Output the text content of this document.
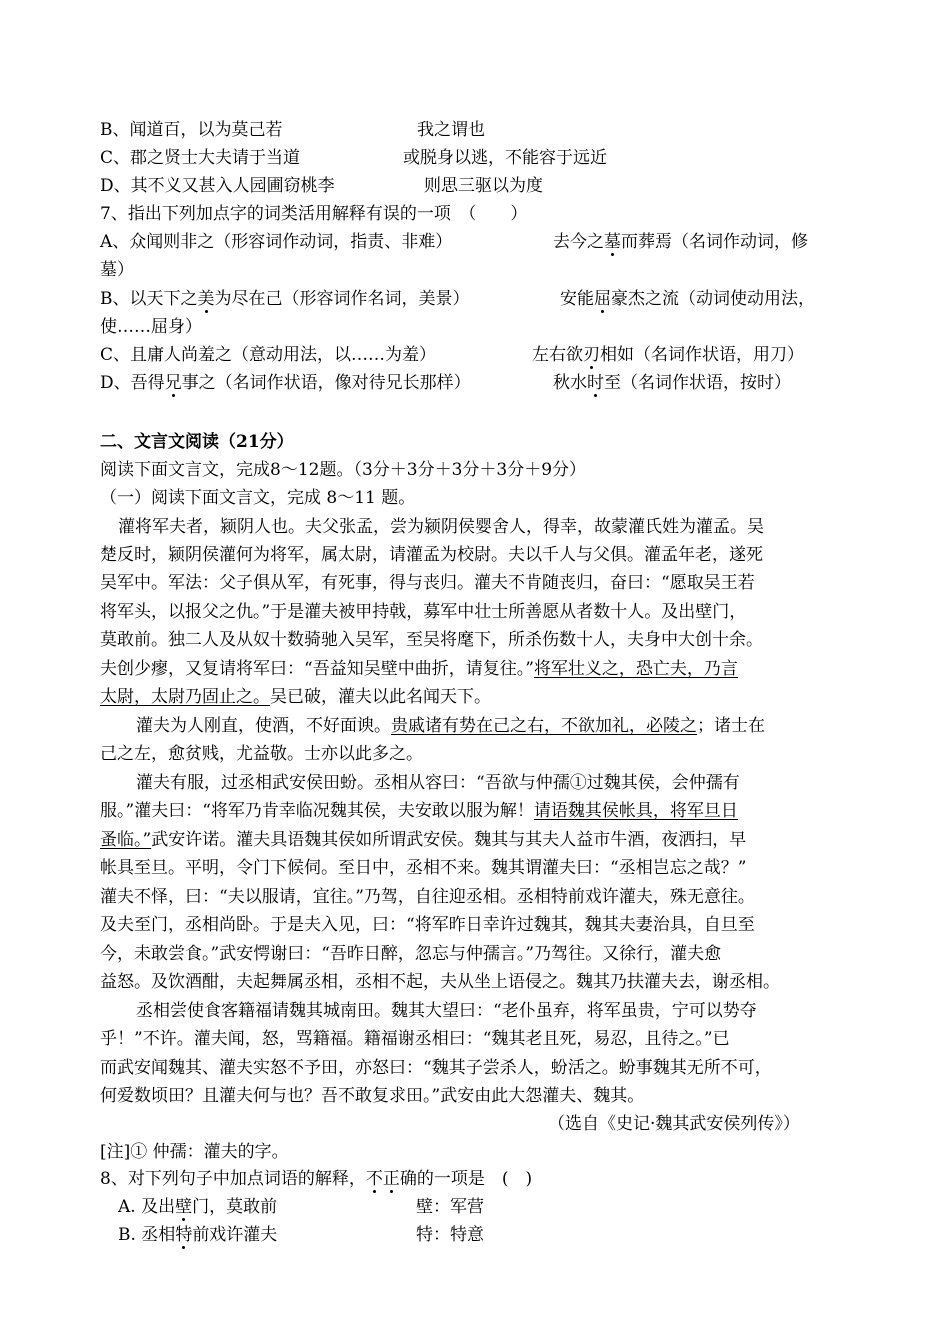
B、闻道百，以为莫己若	我之谓也
C、郡之贤士大夫请于当道	或脱身以逃，不能容于远近
D、其不义又甚入人园圃窃桃李	则思三驱以为度
7、指出下列加点字的词类活用解释有误的一项　（　　）
A、众闻则非之（形容词作动词，指责、非难）	去今之墓而葬焉（名词作动词，修
墓）
B、以天下之美为尽在己（形容词作名词，美景）	安能屈豪杰之流（动词使动用法，
使……屈身）
C、且庸人尚羞之（意动用法，以……为羞）	左右欲刃相如（名词作状语，用刀）
D、吾得兄事之（名词作状语，像对待兄长那样）	秋水时至（名词作状语，按时）
二、文言文阅读（21分）
阅读下面文言文，完成8～12题。（3分＋3分＋3分＋3分＋9分）
（一）阅读下面文言文，完成 8～11 题。
灌将军夫者，颍阴人也。夫父张孟，尝为颍阴侯婴舍人，得幸，故蒙灌氏姓为灌孟。吴
楚反时，颍阴侯灌何为将军，属太尉，请灌孟为校尉。夫以千人与父俱。灌孟年老，遂死
吴军中。军法：父子俱从军，有死事，得与丧归。灌夫不肯随丧归，奋曰：“愿取吴王若
将军头，以报父之仇。”于是灌夫被甲持戟，募军中壮士所善愿从者数十人。及出壁门，
莫敢前。独二人及从奴十数骑驰入吴军，至吴将麾下，所杀伤数十人，夫身中大创十余。
夫创少瘳，又复请将军曰：“吾益知吴壁中曲折，请复往。”将军壮义之，恐亡夫，乃言
太尉，太尉乃固止之。吴已破，灌夫以此名闻天下。
灌夫为人刚直，使酒，不好面谀。贵戚诸有势在己之右，不欲加礼，必陵之；诸士在
己之左，愈贫贱，尤益敬。士亦以此多之。
灌夫有服，过丞相武安侯田蚡。丞相从容曰：“吾欲与仲孺①过魏其侯，会仲孺有
服。”灌夫曰：“将军乃肯幸临况魏其侯，夫安敢以服为解！请语魏其侯帐具，将军旦日
蚤临。”武安许诺。灌夫具语魏其侯如所谓武安侯。魏其与其夫人益市牛酒，夜洒扫，早
帐具至旦。平明，令门下候伺。至日中，丞相不来。魏其谓灌夫曰：“丞相岂忘之哉？”
灌夫不怿，曰：“夫以服请，宜往。”乃驾，自往迎丞相。丞相特前戏许灌夫，殊无意往。
及夫至门，丞相尚卧。于是夫入见，曰：“将军昨日幸许过魏其，魏其夫妻治具，自旦至
今，未敢尝食。”武安愕谢曰：“吾昨日醉，忽忘与仲孺言。”乃驾往。又徐行，灌夫愈
益怒。及饮酒酣，夫起舞属丞相，丞相不起，夫从坐上语侵之。魏其乃扶灌夫去，谢丞相。
丞相尝使食客籍福请魏其城南田。魏其大望曰：“老仆虽弃，将军虽贵，宁可以势夺
乎！”不许。灌夫闻，怒，骂籍福。籍福谢丞相曰：“魏其老且死，易忍，且待之。”已
而武安闻魏其、灌夫实怒不予田，亦怒曰：“魏其子尝杀人，蚡活之。蚡事魏其无所不可，
何爱数顷田？且灌夫何与也？吾不敢复求田。”武安由此大怨灌夫、魏其。
（选自《史记·魏其武安侯列传》）
[注]① 仲孺：灌夫的字。
8、对下列句子中加点词语的解释，不正确的一项是　(　)
A. 及出壁门，莫敢前	壁：军营
B. 丞相特前戏许灌夫	特：特意
